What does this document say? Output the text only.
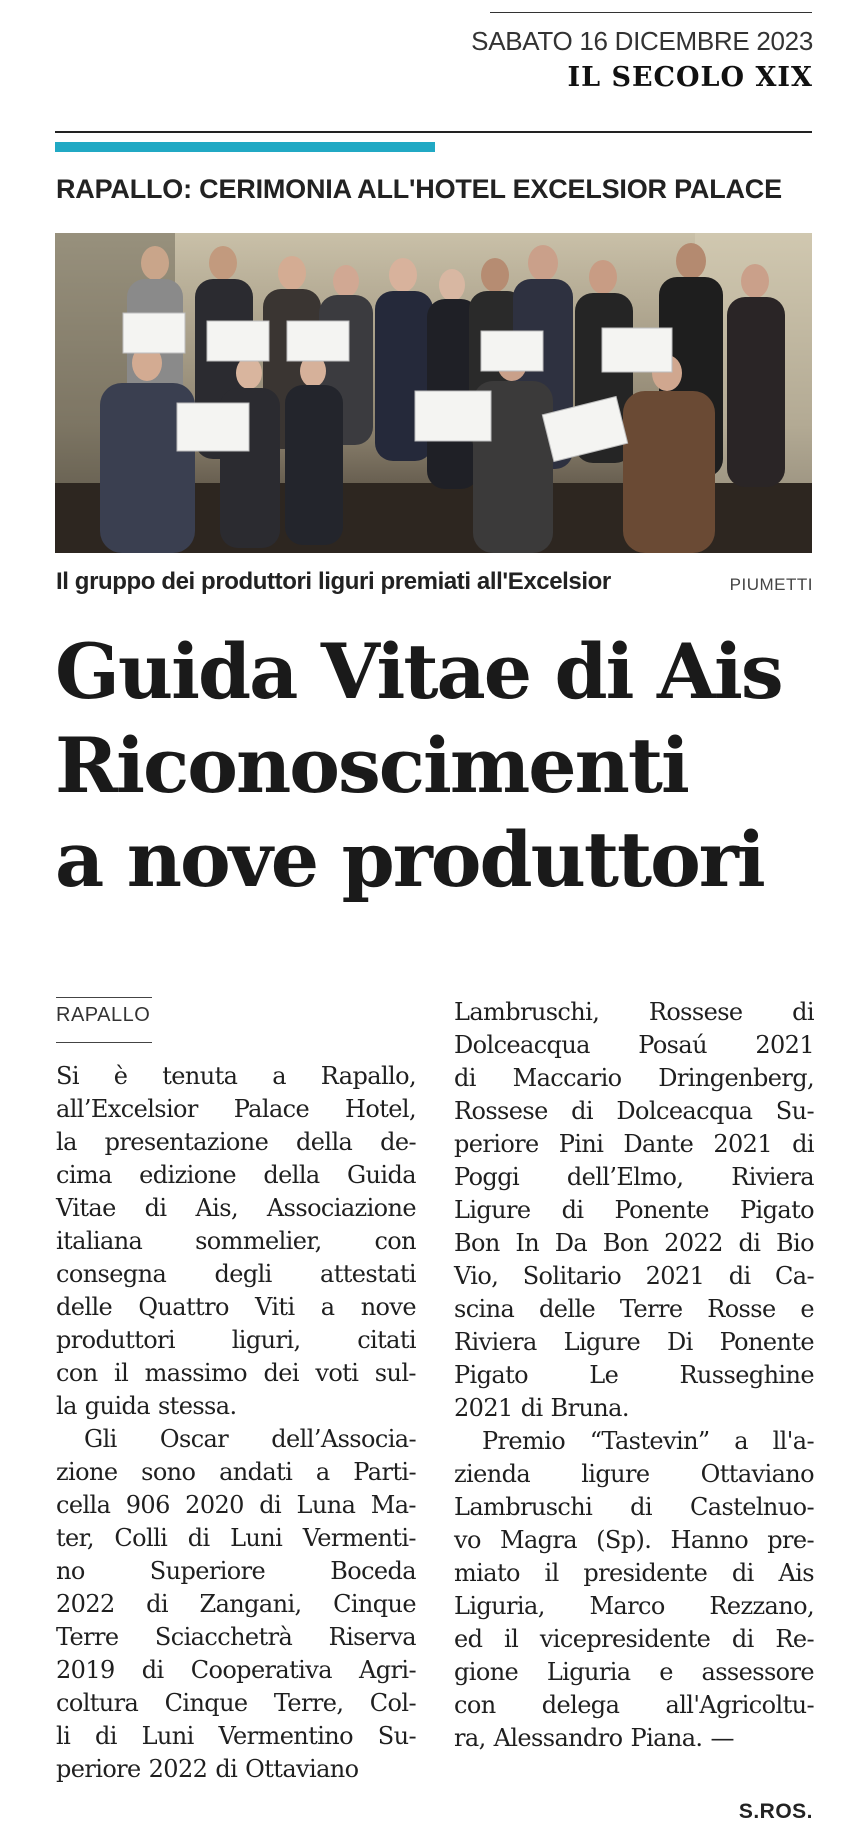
SABATO 16 DICEMBRE 2023
IL SECOLO XIX
RAPALLO: CERIMONIA ALL'HOTEL EXCELSIOR PALACE
Il gruppo dei produttori liguri premiati all'Excelsior	PIUMETTI
Guida Vitae di Ais
Riconoscimenti
a nove produttori
RAPALLO
Si è tenuta a Rapallo,
all’Excelsior Palace Hotel,
la presentazione della de-
cima edizione della Guida
Vitae di Ais, Associazione
italiana sommelier, con
consegna degli attestati
delle Quattro Viti a nove
produttori liguri, citati
con il massimo dei voti sul-
la guida stessa.
Gli Oscar dell’Associa-
zione sono andati a Parti-
cella 906 2020 di Luna Ma-
ter, Colli di Luni Vermenti-
no	Superiore	Boceda
2022 di Zangani, Cinque
Terre Sciacchetrà Riserva
2019 di Cooperativa Agri-
coltura Cinque Terre, Col-
li di Luni Vermentino Su-
periore 2022 di Ottaviano
Lambruschi, Rossese di
Dolceacqua Posaú 2021
di Maccario Dringenberg,
Rossese di Dolceacqua Su-
periore Pini Dante 2021 di
Poggi dell’Elmo, Riviera
Ligure di Ponente Pigato
Bon In Da Bon 2022 di Bio
Vio, Solitario 2021 di Ca-
scina delle Terre Rosse e
Riviera Ligure Di Ponente
Pigato	Le	Russeghine
2021 di Bruna.
Premio “Tastevin” a ll'a-
zienda ligure Ottaviano
Lambruschi di Castelnuo-
vo Magra (Sp). Hanno pre-
miato il presidente di Ais
Liguria, Marco Rezzano,
ed il vicepresidente di Re-
gione Liguria e assessore
con delega all'Agricoltu-
ra, Alessandro Piana. —
S.ROS.
